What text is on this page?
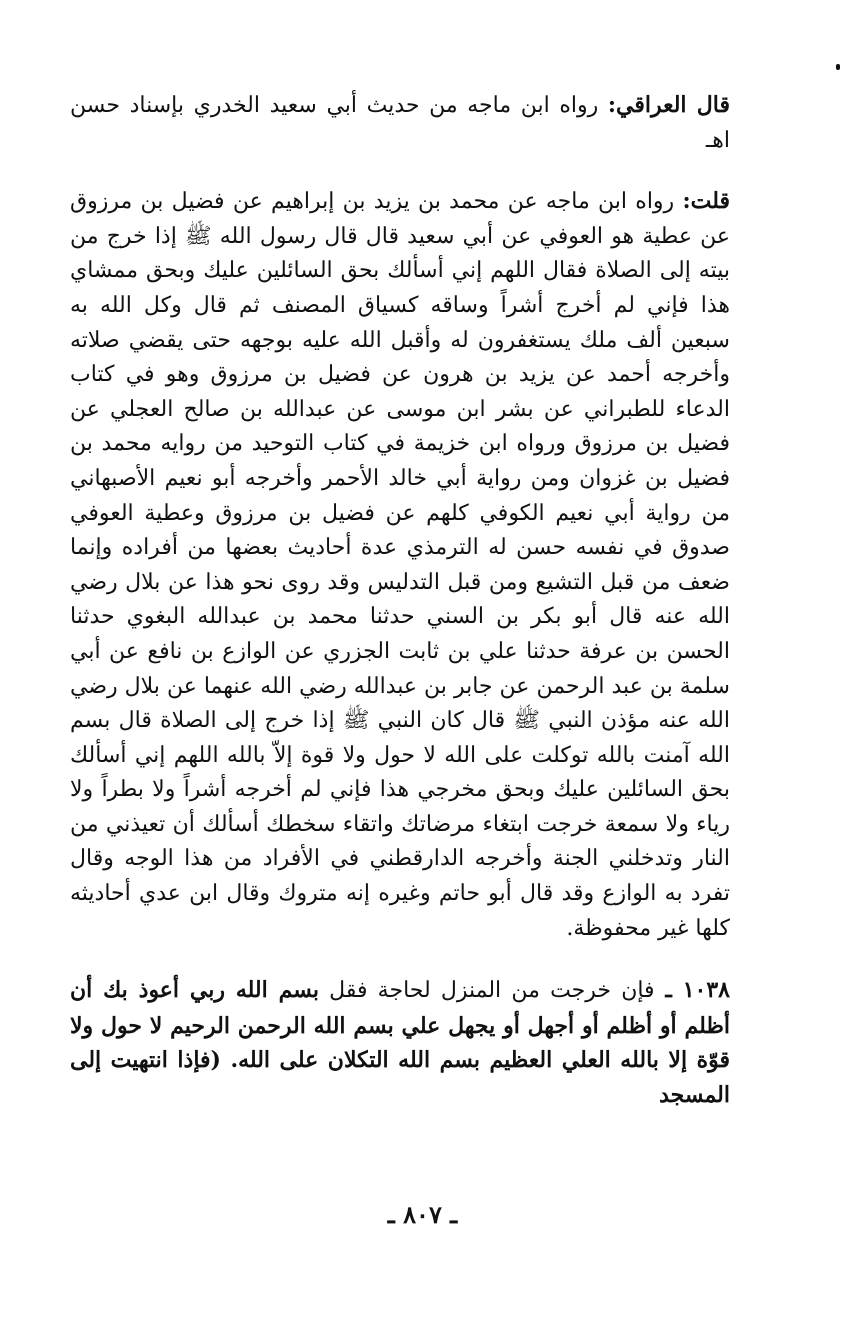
قال العراقي: رواه ابن ماجه من حديث أبي سعيد الخدري بإسناد حسن اهـ

قلت: رواه ابن ماجه عن محمد بن يزيد بن إبراهيم عن فضيل بن مرزوق عن عطية هو العوفي عن أبي سعيد قال قال رسول الله ﷺ إذا خرج من بيته إلى الصلاة فقال اللهم إني أسألك بحق السائلين عليك وبحق ممشاي هذا فإني لم أخرج أشراً وساقه كسياق المصنف ثم قال وكل الله به سبعين ألف ملك يستغفرون له وأقبل الله عليه بوجهه حتى يقضي صلاته وأخرجه أحمد عن يزيد بن هرون عن فضيل بن مرزوق وهو في كتاب الدعاء للطبراني عن بشر ابن موسى عن عبدالله بن صالح العجلي عن فضيل بن مرزوق ورواه ابن خزيمة في كتاب التوحيد من روايه محمد بن فضيل بن غزوان ومن رواية أبي خالد الأحمر وأخرجه أبو نعيم الأصبهاني من رواية أبي نعيم الكوفي كلهم عن فضيل بن مرزوق وعطية العوفي صدوق في نفسه حسن له الترمذي عدة أحاديث بعضها من أفراده وإنما ضعف من قبل التشيع ومن قبل التدليس وقد روى نحو هذا عن بلال رضي الله عنه قال أبو بكر بن السني حدثنا محمد بن عبدالله البغوي حدثنا الحسن بن عرفة حدثنا علي بن ثابت الجزري عن الوازع بن نافع عن أبي سلمة بن عبد الرحمن عن جابر بن عبدالله رضي الله عنهما عن بلال رضي الله عنه مؤذن النبي ﷺ قال كان النبي ﷺ إذا خرج إلى الصلاة قال بسم الله آمنت بالله توكلت على الله لا حول ولا قوة إلاّ بالله اللهم إني أسألك بحق السائلين عليك وبحق مخرجي هذا فإني لم أخرجه أشراً ولا بطراً ولا رياء ولا سمعة خرجت ابتغاء مرضاتك واتقاء سخطك أسألك أن تعيذني من النار وتدخلني الجنة وأخرجه الدارقطني في الأفراد من هذا الوجه وقال تفرد به الوازع وقد قال أبو حاتم وغيره إنه متروك وقال ابن عدي أحاديثه كلها غير محفوظة.

١٠٣٨ ـ فإن خرجت من المنزل لحاجة فقل بسم الله ربي أعوذ بك أن أظلم أو أظلم أو أجهل أو يجهل علي بسم الله الرحمن الرحيم لا حول ولا قوّة إلا بالله العلي العظيم بسم الله التكلان على الله. (فإذا انتهيت إلى المسجد

ـ ٨٠٧ ـ
